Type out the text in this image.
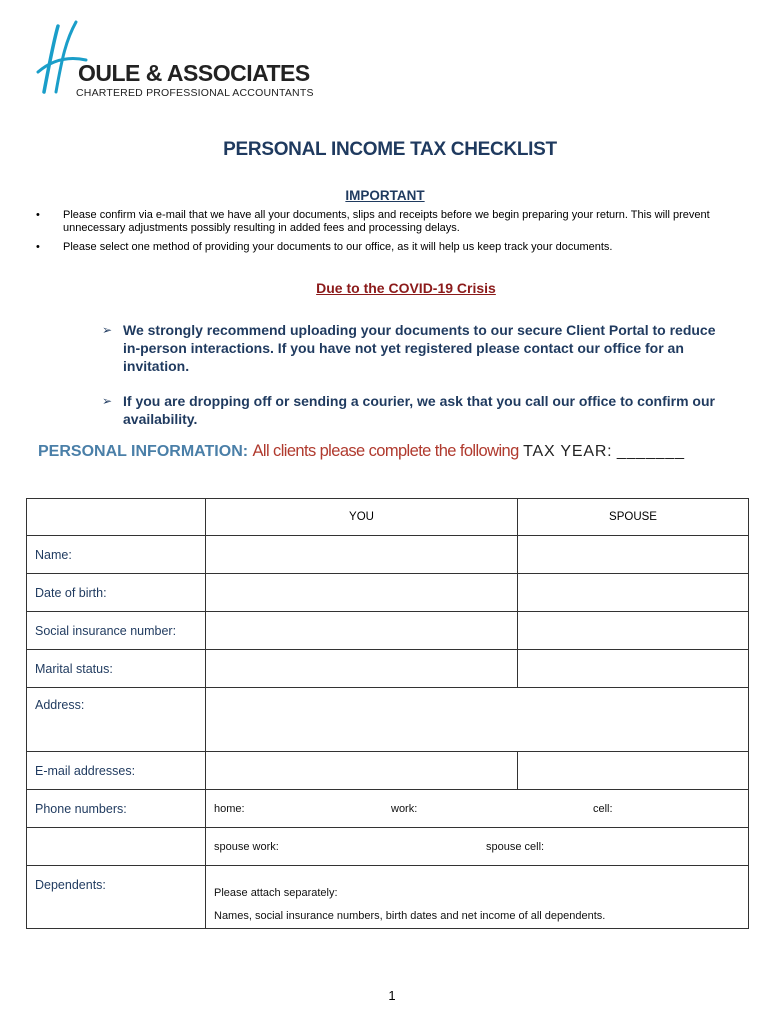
OULE & ASSOCIATES
CHARTERED PROFESSIONAL ACCOUNTANTS
PERSONAL INCOME TAX CHECKLIST
IMPORTANT
• Please confirm via e-mail that we have all your documents, slips and receipts before we begin preparing your return. This will prevent unnecessary adjustments possibly resulting in added fees and processing delays.
• Please select one method of providing your documents to our office, as it will help us keep track your documents.
Due to the COVID-19 Crisis
➢ We strongly recommend uploading your documents to our secure Client Portal to reduce in-person interactions. If you have not yet registered please contact our office for an invitation.
➢ If you are dropping off or sending a courier, we ask that you call our office to confirm our availability.
PERSONAL INFORMATION: All clients please complete the following TAX YEAR: _______
	YOU	SPOUSE
Name:		
Date of birth:		
Social insurance number:		
Marital status:		
Address:		
E-mail addresses:		
Phone numbers:	home: work: cell:	
	spouse work: spouse cell:	
Dependents:	Please attach separately:
Names, social insurance numbers, birth dates and net income of all dependents.	
1
